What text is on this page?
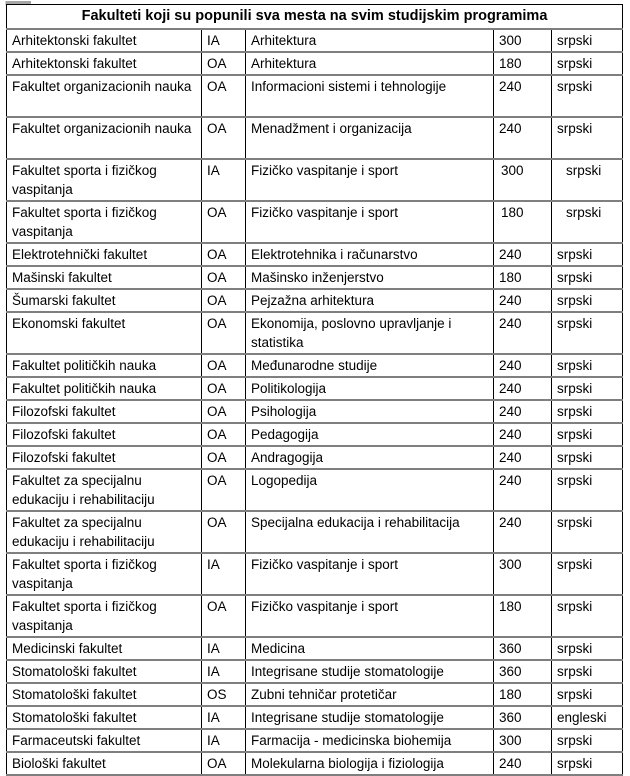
Fakulteti koji su popunili sva mesta na svim studijskim programima				
Arhitektonski fakultet	IA	Arhitektura	300	srpski
Arhitektonski fakultet	OA	Arhitektura	180	srpski
Fakultet organizacionih nauka	OA	Informacioni sistemi i tehnologije	240	srpski
Fakultet organizacionih nauka	OA	Menadžment i organizacija	240	srpski
Fakultet sporta i fizičkog vaspitanja	IA	Fizičko vaspitanje i sport	300	srpski
Fakultet sporta i fizičkog vaspitanja	OA	Fizičko vaspitanje i sport	180	srpski
Elektrotehnički fakultet	OA	Elektrotehnika i računarstvo	240	srpski
Mašinski fakultet	OA	Mašinsko inženjerstvo	180	srpski
Šumarski fakultet	OA	Pejzažna arhitektura	240	srpski
Ekonomski fakultet	OA	Ekonomija, poslovno upravljanje i statistika	240	srpski
Fakultet političkih nauka	OA	Međunarodne studije	240	srpski
Fakultet političkih nauka	OA	Politikologija	240	srpski
Filozofski fakultet	OA	Psihologija	240	srpski
Filozofski fakultet	OA	Pedagogija	240	srpski
Filozofski fakultet	OA	Andragogija	240	srpski
Fakultet za specijalnu edukaciju i rehabilitaciju	OA	Logopedija	240	srpski
Fakultet za specijalnu edukaciju i rehabilitaciju	OA	Specijalna edukacija i rehabilitacija	240	srpski
Fakultet sporta i fizičkog vaspitanja	IA	Fizičko vaspitanje i sport	300	srpski
Fakultet sporta i fizičkog vaspitanja	OA	Fizičko vaspitanje i sport	180	srpski
Medicinski fakultet	IA	Medicina	360	srpski
Stomatološki fakultet	IA	Integrisane studije stomatologije	360	srpski
Stomatološki fakultet	OS	Zubni tehničar protetičar	180	srpski
Stomatološki fakultet	IA	Integrisane studije stomatologije	360	engleski
Farmaceutski fakultet	IA	Farmacija - medicinska biohemija	300	srpski
Biološki fakultet	OA	Molekularna biologija i fiziologija	240	srpski
